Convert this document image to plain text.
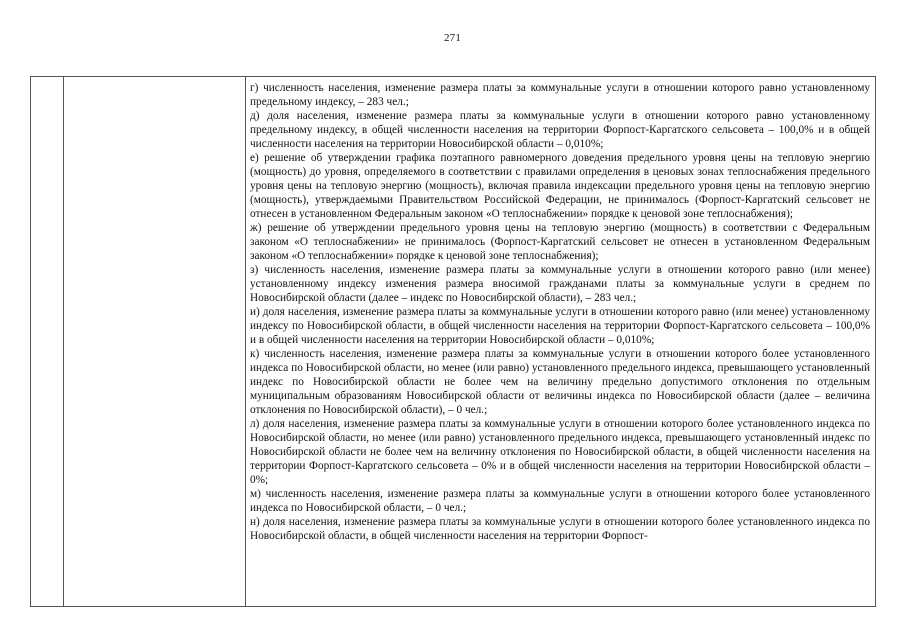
271

г) численность населения, изменение размера платы за коммунальные услуги в отношении которого равно установленному предельному индексу, – 283 чел.;

д) доля населения, изменение размера платы за коммунальные услуги в отношении которого равно установленному предельному индексу, в общей численности населения на территории Форпост-Каргатского сельсовета – 100,0% и в общей численности населения на территории Новосибирской области – 0,010%;

е) решение об утверждении графика поэтапного равномерного доведения предельного уровня цены на тепловую энергию (мощность) до уровня, определяемого в соответствии с правилами определения в ценовых зонах теплоснабжения предельного уровня цены на тепловую энергию (мощность), включая правила индексации предельного уровня цены на тепловую энергию (мощность), утверждаемыми Правительством Российской Федерации, не принималось (Форпост-Каргатский сельсовет не отнесен в установленном Федеральным законом «О теплоснабжении» порядке к ценовой зоне теплоснабжения);

ж) решение об утверждении предельного уровня цены на тепловую энергию (мощность) в соответствии с Федеральным законом «О теплоснабжении» не принималось (Форпост-Каргатский сельсовет не отнесен в установленном Федеральным законом «О теплоснабжении» порядке к ценовой зоне теплоснабжения);

з) численность населения, изменение размера платы за коммунальные услуги в отношении которого равно (или менее) установленному индексу изменения размера вносимой гражданами платы за коммунальные услуги в среднем по Новосибирской области (далее – индекс по Новосибирской области), – 283 чел.;

и) доля населения, изменение размера платы за коммунальные услуги в отношении которого равно (или менее) установленному индексу по Новосибирской области, в общей численности населения на территории Форпост-Каргатского сельсовета – 100,0% и в общей численности населения на территории Новосибирской области – 0,010%;

к) численность населения, изменение размера платы за коммунальные услуги в отношении которого более установленного индекса по Новосибирской области, но менее (или равно) установленного предельного индекса, превышающего установленный индекс по Новосибирской области не более чем на величину предельно допустимого отклонения по отдельным муниципальным образованиям Новосибирской области от величины индекса по Новосибирской области (далее – величина отклонения по Новосибирской области), – 0 чел.;

л) доля населения, изменение размера платы за коммунальные услуги в отношении которого более установленного индекса по Новосибирской области, но менее (или равно) установленного предельного индекса, превышающего установленный индекс по Новосибирской области не более чем на величину отклонения по Новосибирской области, в общей численности населения на территории Форпост-Каргатского сельсовета – 0% и в общей численности населения на территории Новосибирской области – 0%;

м) численность населения, изменение размера платы за коммунальные услуги в отношении которого более установленного индекса по Новосибирской области, – 0 чел.;

н) доля населения, изменение размера платы за коммунальные услуги в отношении которого более установленного индекса по Новосибирской области, в общей численности населения на территории Форпост-
